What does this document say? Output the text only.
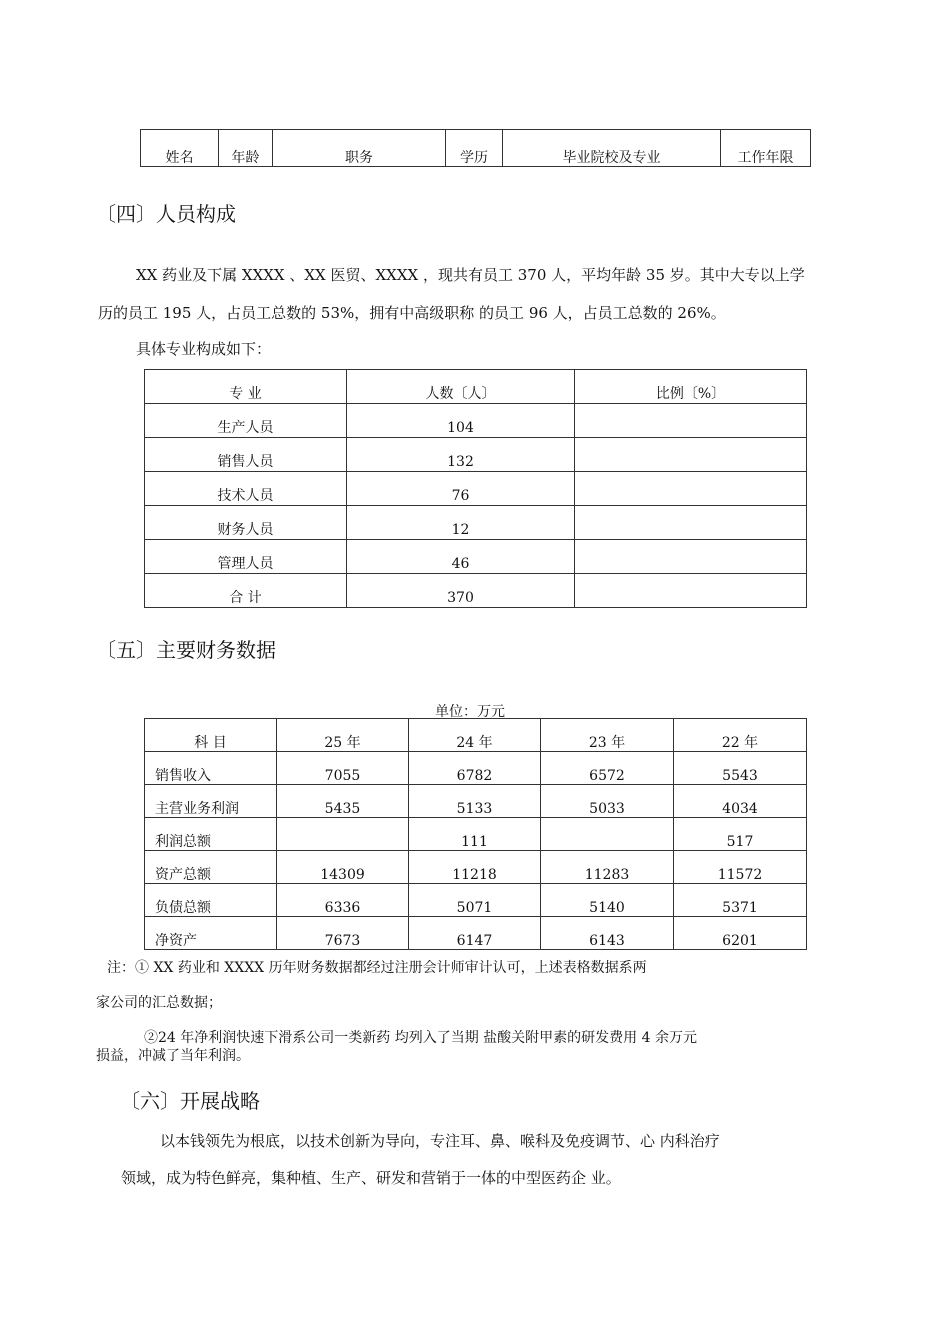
姓名	年龄	职务	学历	毕业院校及专业	工作年限
〔四〕人员构成
XX 药业及下属 XXXX 、XX 医贸、XXXX ，现共有员工 370 人，平均年龄 35 岁。其中大专以上学
历的员工 195 人，占员工总数的 53%，拥有中高级职称 的员工 96 人，占员工总数的 26%。
具体专业构成如下：
专 业	人数〔人〕	比例〔%〕
生产人员	104	
销售人员	132	
技术人员	76	
财务人员	12	
管理人员	46	
合 计	370	
〔五〕主要财务数据
单位：万元
科 目	25 年	24 年	23 年	22 年
销售收入	7055	6782	6572	5543
主营业务利润	5435	5133	5033	4034
利润总额		111		517
资产总额	14309	11218	11283	11572
负债总额	6336	5071	5140	5371
净资产	7673	6147	6143	6201
注：① XX 药业和 XXXX 历年财务数据都经过注册会计师审计认可，上述表格数据系两
家公司的汇总数据；
②24 年净利润快速下滑系公司一类新药 均列入了当期 盐酸关附甲素的研发费用 4 余万元
损益，冲减了当年利润。
〔六〕开展战略
以本钱领先为根底，以技术创新为导向，专注耳、鼻、喉科及免疫调节、心 内科治疗
领域，成为特色鲜亮，集种植、生产、研发和营销于一体的中型医药企 业。
